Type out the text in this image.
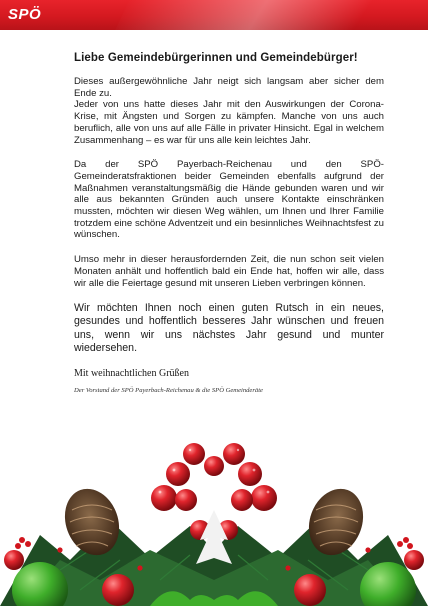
SPÖ

Liebe Gemeindebürgerinnen und Gemeindebürger!

Dieses außergewöhnliche Jahr neigt sich langsam aber sicher dem Ende zu.

Jeder von uns hatte dieses Jahr mit den Auswirkungen der Corona-Krise, mit Ängsten und Sorgen zu kämpfen. Manche von uns auch beruflich, alle von uns auf alle Fälle in privater Hinsicht. Egal in welchem Zusammenhang – es war für uns alle kein leichtes Jahr.

Da der SPÖ Payerbach-Reichenau und den SPÖ-Gemeinderatsfraktionen beider Gemeinden ebenfalls aufgrund der Maßnahmen veranstaltungsmäßig die Hände gebunden waren und wir alle aus bekannten Gründen auch unsere Kontakte einschränken mussten, möchten wir diesen Weg wählen, um Ihnen und Ihrer Familie trotzdem eine schöne Adventzeit und ein besinnliches Weihnachtsfest zu wünschen.

Umso mehr in dieser herausfordernden Zeit, die nun schon seit vielen Monaten anhält und hoffentlich bald ein Ende hat, hoffen wir alle, dass wir alle die Feiertage gesund mit unseren Lieben verbringen können.

Wir möchten Ihnen noch einen guten Rutsch in ein neues, gesundes und hoffentlich besseres Jahr wünschen und freuen uns, wenn wir uns nächstes Jahr gesund und munter wiedersehen.

Mit weihnachtlichen Grüßen

Der Vorstand der SPÖ Payerbach-Reichenau & die SPÖ Gemeinderäte
